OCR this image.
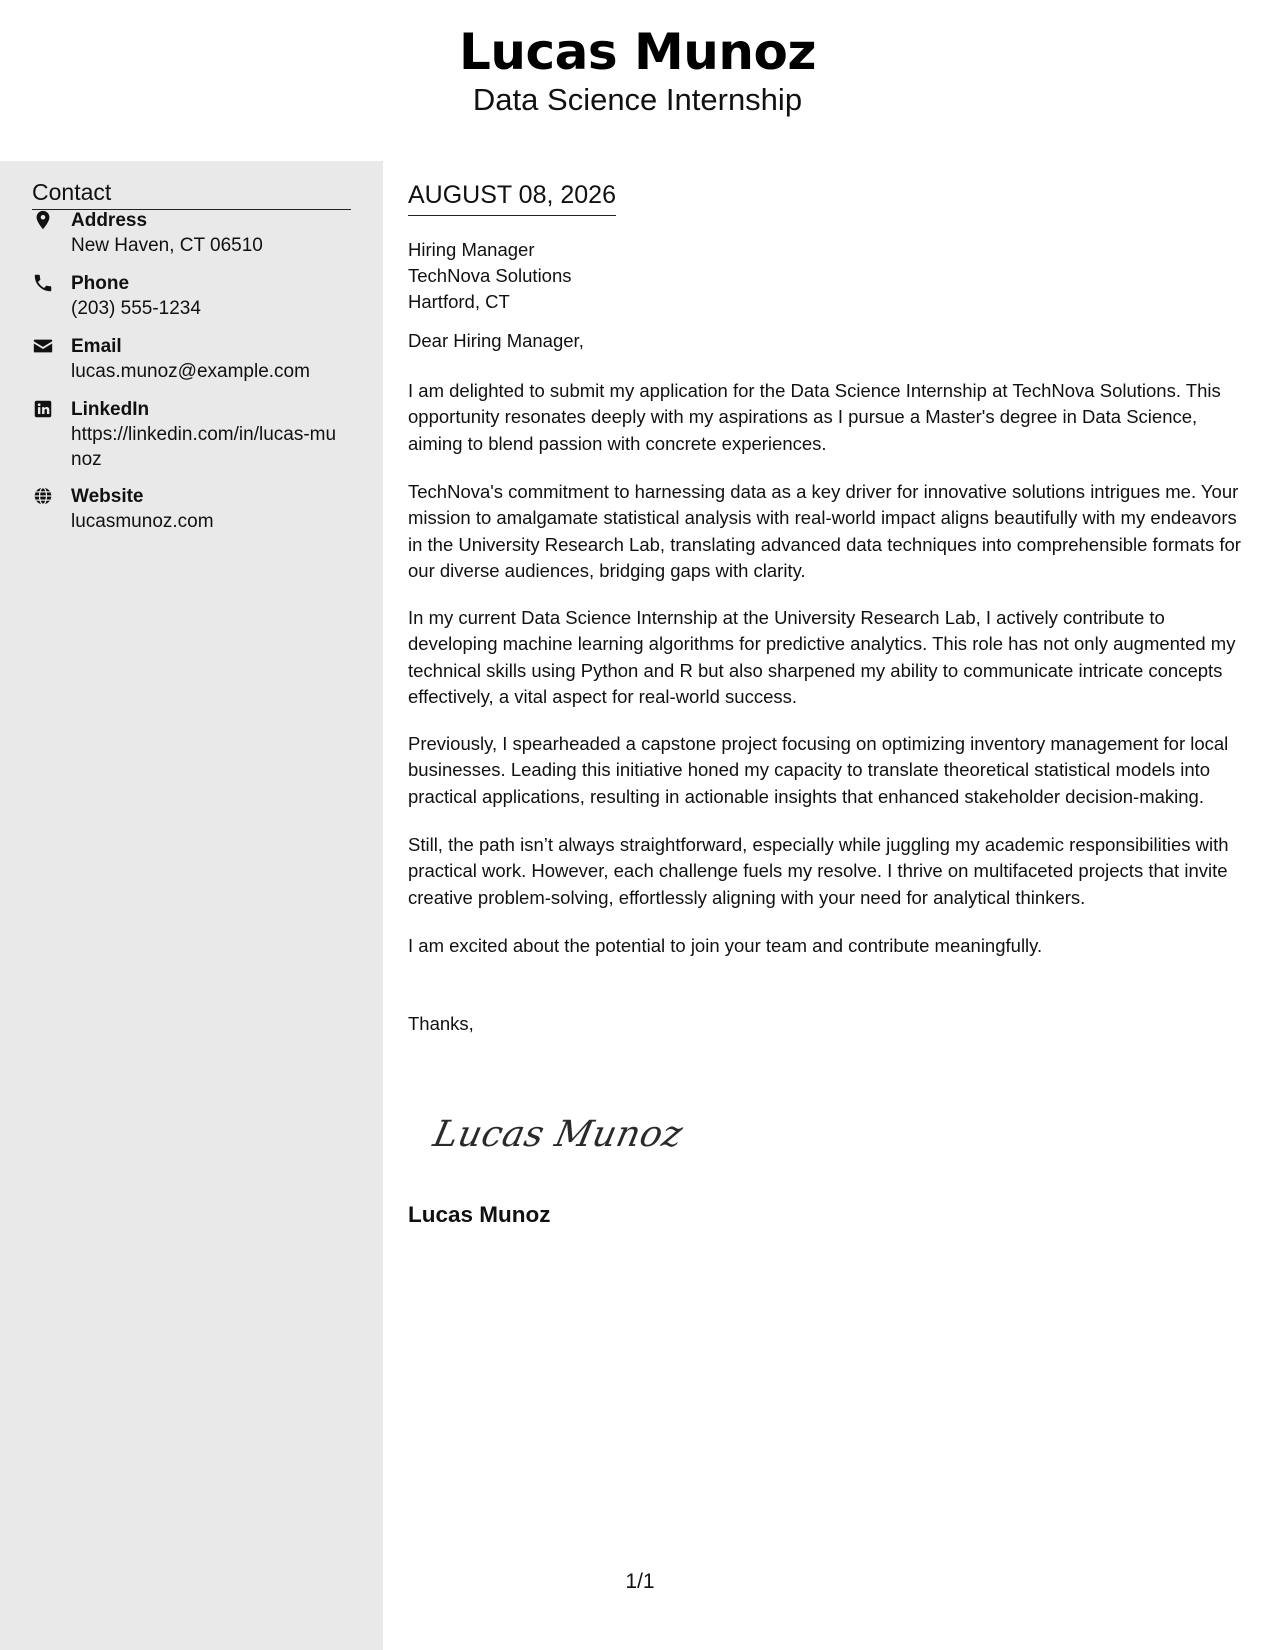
Lucas Munoz
Data Science Internship
Contact
Address
New Haven, CT 06510
Phone
(203) 555-1234
Email
lucas.munoz@example.com
LinkedIn
https://linkedin.com/in/lucas-munoz
Website
lucasmunoz.com
AUGUST 08, 2026
Hiring Manager
TechNova Solutions
Hartford, CT
Dear Hiring Manager,
I am delighted to submit my application for the Data Science Internship at TechNova Solutions. This opportunity resonates deeply with my aspirations as I pursue a Master's degree in Data Science, aiming to blend passion with concrete experiences.
TechNova's commitment to harnessing data as a key driver for innovative solutions intrigues me. Your mission to amalgamate statistical analysis with real-world impact aligns beautifully with my endeavors in the University Research Lab, translating advanced data techniques into comprehensible formats for our diverse audiences, bridging gaps with clarity.
In my current Data Science Internship at the University Research Lab, I actively contribute to developing machine learning algorithms for predictive analytics. This role has not only augmented my technical skills using Python and R but also sharpened my ability to communicate intricate concepts effectively, a vital aspect for real-world success.
Previously, I spearheaded a capstone project focusing on optimizing inventory management for local businesses. Leading this initiative honed my capacity to translate theoretical statistical models into practical applications, resulting in actionable insights that enhanced stakeholder decision-making.
Still, the path isn’t always straightforward, especially while juggling my academic responsibilities with practical work. However, each challenge fuels my resolve. I thrive on multifaceted projects that invite creative problem-solving, effortlessly aligning with your need for analytical thinkers.
I am excited about the potential to join your team and contribute meaningfully.
Thanks,
Lucas Munoz
Lucas Munoz
1/1
